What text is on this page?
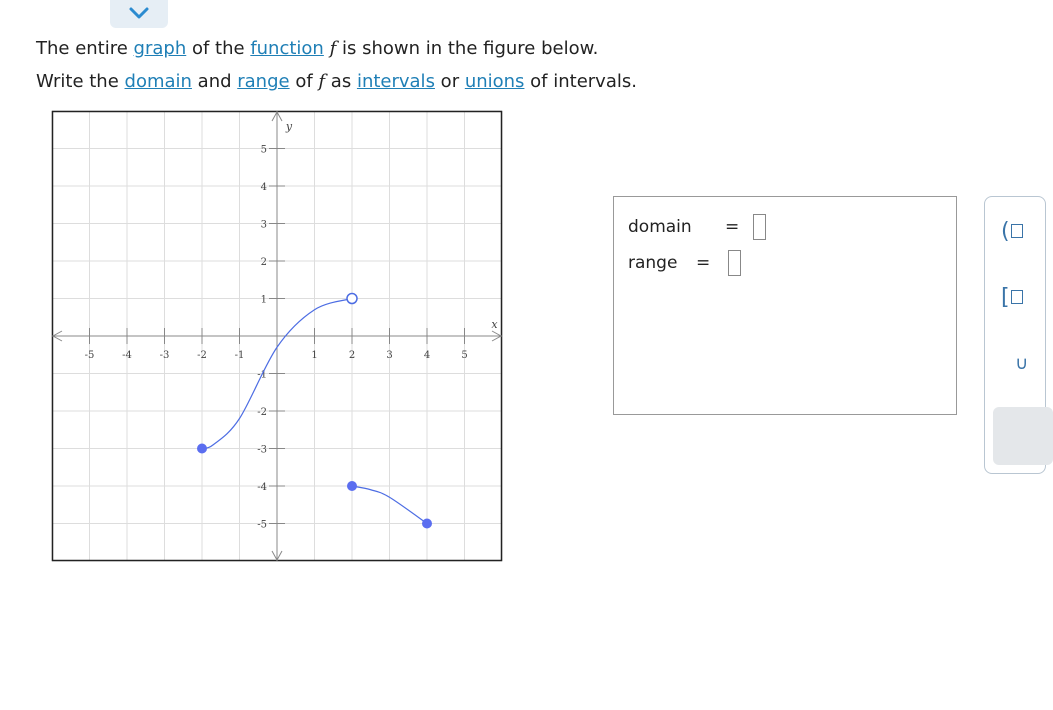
The entire graph of the function f is shown in the figure below.
Write the domain and range of f as intervals or unions of intervals.
-5	-4	-3	-2	-1	1	2	3	4	5
5
4
3
2
1
-1
-2
-3
-4
-5
x
y
domain =
range =
(
[
∪
